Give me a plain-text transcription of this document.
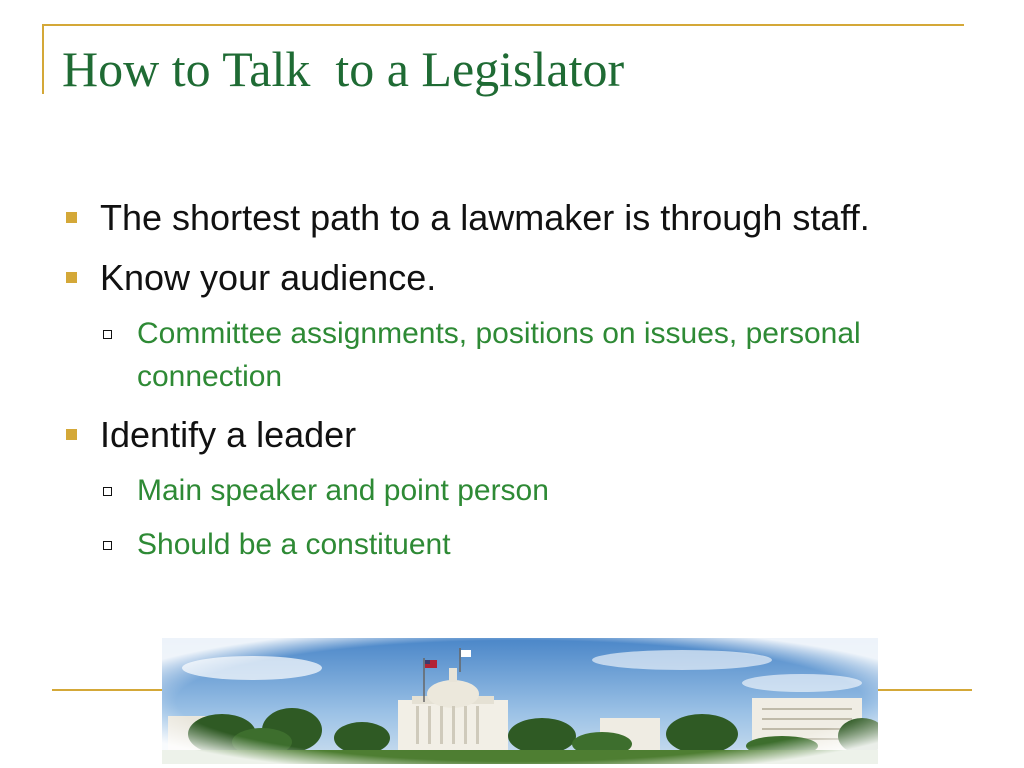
How to Talk  to a Legislator
The shortest path to a lawmaker is through staff.
Know your audience.
Committee assignments, positions on issues, personal connection
Identify a leader
Main speaker and point person
Should be a constituent
